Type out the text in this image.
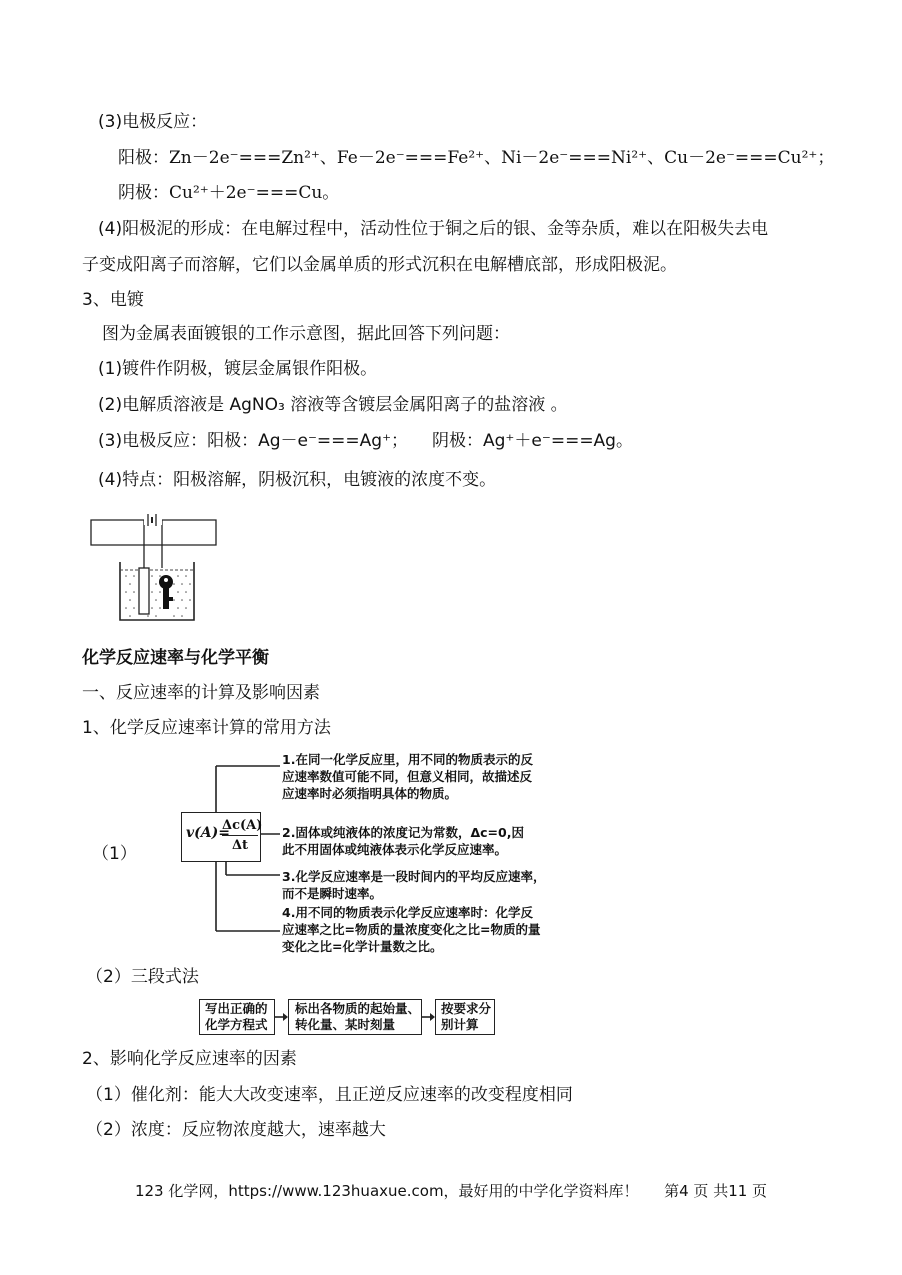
(3)电极反应：
阳极：Zn－2e⁻===Zn²⁺、Fe－2e⁻===Fe²⁺、Ni－2e⁻===Ni²⁺、Cu－2e⁻===Cu²⁺；
阴极：Cu²⁺＋2e⁻===Cu。
(4)阳极泥的形成：在电解过程中，活动性位于铜之后的银、金等杂质，难以在阳极失去电
子变成阳离子而溶解，它们以金属单质的形式沉积在电解槽底部，形成阳极泥。
3、电镀
图为金属表面镀银的工作示意图，据此回答下列问题：
(1)镀件作阴极，镀层金属银作阳极。
(2)电解质溶液是 AgNO₃ 溶液等含镀层金属阳离子的盐溶液 。
(3)电极反应：阳极：Ag－e⁻===Ag⁺； 阴极：Ag⁺＋e⁻===Ag。
(4)特点：阳极溶解，阴极沉积，电镀液的浓度不变。
化学反应速率与化学平衡
一、反应速率的计算及影响因素
1、化学反应速率计算的常用方法
（1）
v(A)=
Δc(A)
Δt
1.在同一化学反应里，用不同的物质表示的反
应速率数值可能不同，但意义相同，故描述反
应速率时必须指明具体的物质。
2.固体或纯液体的浓度记为常数，Δc=0,因
此不用固体或纯液体表示化学反应速率。
3.化学反应速率是一段时间内的平均反应速率，
而不是瞬时速率。
4.用不同的物质表示化学反应速率时：化学反
应速率之比=物质的量浓度变化之比=物质的量
变化之比=化学计量数之比。
（2）三段式法
写出正确的
化学方程式
标出各物质的起始量、
转化量、某时刻量
按要求分
别计算
2、影响化学反应速率的因素
（1）催化剂：能大大改变速率，且正逆反应速率的改变程度相同
（2）浓度：反应物浓度越大，速率越大
123 化学网，https://www.123huaxue.com，最好用的中学化学资料库！ 第4 页 共11 页
